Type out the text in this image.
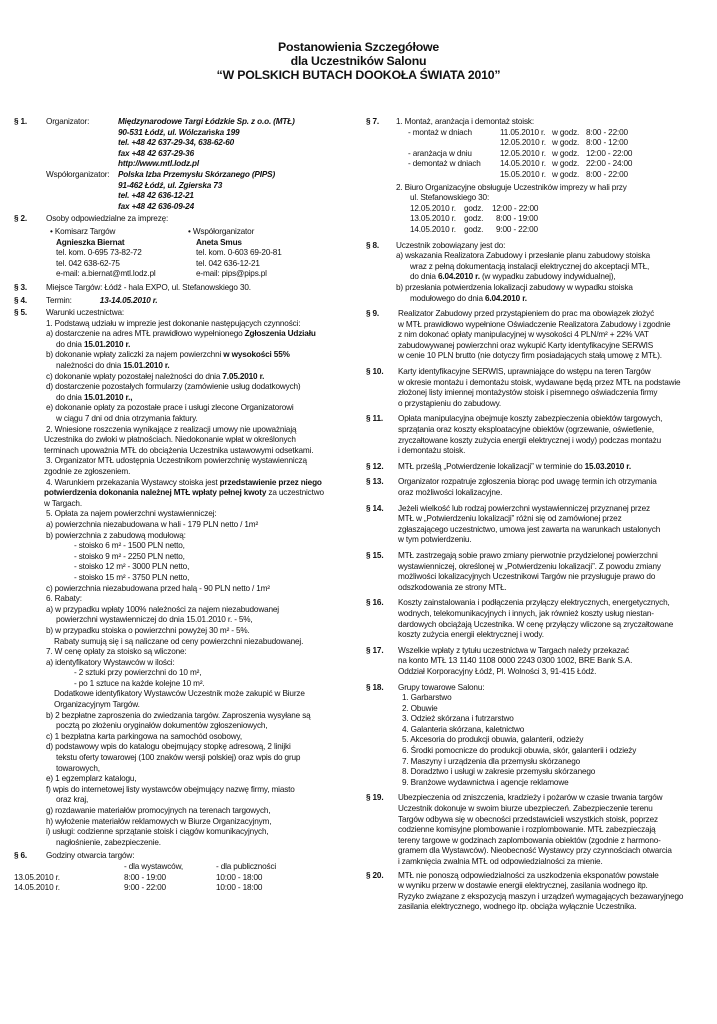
Postanowienia Szczegółowe
dla Uczestników Salonu
“W POLSKICH BUTACH DOOKOŁA ŚWIATA 2010”
§ 1. Organizator:	Międzynarodowe Targi Łódzkie Sp. z o.o. (MTŁ)
90-531 Łódź, ul. Wólczańska 199
tel. +48 42 637-29-34, 638-62-60
fax +48 42 637-29-36
http://www.mtl.lodz.pl
Współorganizator:	Polska Izba Przemysłu Skórzanego (PIPS)
91-462 Łódź, ul. Zgierska 73
tel. +48 42 636-12-21
fax +48 42 636-09-24
§ 2. Osoby odpowiedzialne za imprezę:
• Komisarz Targów
Agnieszka Biernat
tel. kom. 0-695 73-82-72
tel. 042 638-62-75
e-mail: a.biernat@mtl.lodz.pl
• Współorganizator
Aneta Smus
tel. kom. 0-603 69-20-81
tel. 042 636-12-21
e-mail: pips@pips.pl
§ 3. Miejsce Targów: Łódź - hala EXPO, ul. Stefanowskiego 30.
§ 4. Termin:	13-14.05.2010 r.
§ 5. Warunki uczestnictwa:
1. Podstawą udziału w imprezie jest dokonanie następujących czynności:
a) dostarczenie na adres MTŁ prawidłowo wypełnionego Zgłoszenia Udziału
do dnia 15.01.2010 r.
b) dokonanie wpłaty zaliczki za najem powierzchni w wysokości 55%
należności do dnia 15.01.2010 r.
c) dokonanie wpłaty pozostałej należności do dnia 7.05.2010 r.
d) dostarczenie pozostałych formularzy (zamówienie usług dodatkowych)
do dnia 15.01.2010 r.,
e) dokonanie opłaty za pozostałe prace i usługi zlecone Organizatorowi
w ciągu 7 dni od dnia otrzymania faktury.
2. Wniesione roszczenia wynikające z realizacji umowy nie upoważniają
Uczestnika do zwłoki w płatnościach. Niedokonanie wpłat w określonych
terminach upoważnia MTŁ do obciążenia Uczestnika ustawowymi odsetkami.
3. Organizator MTŁ udostępnia Uczestnikom powierzchnię wystawienniczą
zgodnie ze zgłoszeniem.
4. Warunkiem przekazania Wystawcy stoiska jest przedstawienie przez niego
potwierdzenia dokonania należnej MTŁ wpłaty pełnej kwoty za uczestnictwo
w Targach.
5. Opłata za najem powierzchni wystawienniczej:
a) powierzchnia niezabudowana w hali - 179 PLN netto / 1m²
b) powierzchnia z zabudową modułową:
- stoisko 6 m² - 1500 PLN netto,
- stoisko 9 m² - 2250 PLN netto,
- stoisko 12 m² - 3000 PLN netto,
- stoisko 15 m² - 3750 PLN netto,
c) powierzchnia niezabudowana przed halą - 90 PLN netto / 1m²
6. Rabaty:
a) w przypadku wpłaty 100% należności za najem niezabudowanej
powierzchni wystawienniczej do dnia 15.01.2010 r. - 5%,
b) w przypadku stoiska o powierzchni powyżej 30 m² - 5%.
Rabaty sumują się i są naliczane od ceny powierzchni niezabudowanej.
7. W cenę opłaty za stoisko są wliczone:
a) identyfikatory Wystawców w ilości:
- 2 sztuki przy powierzchni do 10 m²,
- po 1 sztuce na każde kolejne 10 m².
Dodatkowe identyfikatory Wystawców Uczestnik może zakupić w Biurze
Organizacyjnym Targów.
b) 2 bezpłatne zaproszenia do zwiedzania targów. Zaproszenia wysyłane są
pocztą po złożeniu oryginałów dokumentów zgłoszeniowych,
c) 1 bezpłatna karta parkingowa na samochód osobowy,
d) podstawowy wpis do katalogu obejmujący stopkę adresową, 2 linijki
tekstu oferty towarowej (100 znaków wersji polskiej) oraz wpis do grup
towarowych,
e) 1 egzemplarz katalogu,
f) wpis do internetowej listy wystawców obejmujący nazwę firmy, miasto
oraz kraj,
g) rozdawanie materiałów promocyjnych na terenach targowych,
h) wyłożenie materiałów reklamowych w Biurze Organizacyjnym,
i) usługi: codzienne sprzątanie stoisk i ciągów komunikacyjnych,
nagłośnienie, zabezpieczenie.
§ 6. Godziny otwarcia targów:
	- dla wystawców,	- dla publiczności
13.05.2010 r.	8:00 - 19:00	10:00 - 18:00
14.05.2010 r.	9:00 - 22:00	10:00 - 18:00
§ 7. 1. Montaż, aranżacja i demontaż stoisk:
- montaż w dniach	11.05.2010 r.	w godz.	8:00 - 22:00
	12.05.2010 r.	w godz.	8:00 - 12:00
- aranżacja w dniu	12.05.2010 r.	w godz.	12:00 - 22:00
- demontaż w dniach	14.05.2010 r.	w godz.	22:00 - 24:00
	15.05.2010 r.	w godz.	8:00 - 22:00
2. Biuro Organizacyjne obsługuje Uczestników imprezy w hali przy
ul. Stefanowskiego 30:
12.05.2010 r.	godz.	12:00 - 22:00
13.05.2010 r.	godz.	8:00 - 19:00
14.05.2010 r.	godz.	9:00 - 22:00
§ 8. Uczestnik zobowiązany jest do:
a) wskazania Realizatora Zabudowy i przesłanie planu zabudowy stoiska
wraz z pełną dokumentacją instalacji elektrycznej do akceptacji MTŁ,
do dnia 6.04.2010 r. (w wypadku zabudowy indywidualnej),
b) przesłania potwierdzenia lokalizacji zabudowy w wypadku stoiska
modułowego do dnia 6.04.2010 r.
§ 9. Realizator Zabudowy przed przystąpieniem do prac ma obowiązek złożyć
w MTŁ prawidłowo wypełnione Oświadczenie Realizatora Zabudowy i zgodnie
z nim dokonać opłaty manipulacyjnej w wysokości 4 PLN/m² + 22% VAT
zabudowywanej powierzchni oraz wykupić Karty identyfikacyjne SERWIS
w cenie 10 PLN brutto (nie dotyczy firm posiadających stałą umowę z MTŁ).
§ 10. Karty identyfikacyjne SERWIS, uprawniające do wstępu na teren Targów
w okresie montażu i demontażu stoisk, wydawane będą przez MTŁ na podstawie
złożonej listy imiennej montażystów stoisk i pisemnego oświadczenia firmy
o przystąpieniu do zabudowy.
§ 11. Opłata manipulacyjna obejmuje koszty zabezpieczenia obiektów targowych,
sprzątania oraz koszty eksploatacyjne obiektów (ogrzewanie, oświetlenie,
zryczałtowane koszty zużycia energii elektrycznej i wody) podczas montażu
i demontażu stoisk.
§ 12. MTŁ prześlą „Potwierdzenie lokalizacji” w terminie do 15.03.2010 r.
§ 13. Organizator rozpatruje zgłoszenia biorąc pod uwagę termin ich otrzymania
oraz możliwości lokalizacyjne.
§ 14. Jeżeli wielkość lub rodzaj powierzchni wystawienniczej przyznanej przez
MTŁ w „Potwierdzeniu lokalizacji” różni się od zamówionej przez
zgłaszającego uczestnictwo, umowa jest zawarta na warunkach ustalonych
w tym potwierdzeniu.
§ 15. MTŁ zastrzegają sobie prawo zmiany pierwotnie przydzielonej powierzchni
wystawienniczej, określonej w „Potwierdzeniu lokalizacji”. Z powodu zmiany
możliwości lokalizacyjnych Uczestnikowi Targów nie przysługuje prawo do
odszkodowania ze strony MTŁ.
§ 16. Koszty zainstalowania i podłączenia przyłączy elektrycznych, energetycznych,
wodnych, telekomunikacyjnych i innych, jak również koszty usług niestan-
dardowych obciążają Uczestnika. W cenę przyłączy wliczone są zryczałtowane
koszty zużycia energii elektrycznej i wody.
§ 17. Wszelkie wpłaty z tytułu uczestnictwa w Targach należy przekazać
na konto MTŁ 13 1140 1108 0000 2243 0300 1002, BRE Bank S.A.
Oddział Korporacyjny Łódź, Pl. Wolności 3, 91-415 Łódź.
§ 18. Grupy towarowe Salonu:
1. Garbarstwo
2. Obuwie
3. Odzież skórzana i futrzarstwo
4. Galanteria skórzana, kaletnictwo
5. Akcesoria do produkcji obuwia, galanterii, odzieży
6. Środki pomocnicze do produkcji obuwia, skór, galanterii i odzieży
7. Maszyny i urządzenia dla przemysłu skórzanego
8. Doradztwo i usługi w zakresie przemysłu skórzanego
9. Branżowe wydawnictwa i agencje reklamowe
§ 19. Ubezpieczenia od zniszczenia, kradzieży i pożarów w czasie trwania targów
Uczestnik dokonuje w swoim biurze ubezpieczeń. Zabezpieczenie terenu
Targów odbywa się w obecności przedstawicieli wszystkich stoisk, poprzez
codzienne komisyjne plombowanie i rozplombowanie. MTŁ zabezpieczają
tereny targowe w godzinach zaplombowania obiektów (zgodnie z harmono-
gramem dla Wystawców). Nieobecność Wystawcy przy czynnościach otwarcia
i zamknięcia zwalnia MTŁ od odpowiedzialności za mienie.
§ 20. MTŁ nie ponoszą odpowiedzialności za uszkodzenia eksponatów powstałe
w wyniku przerw w dostawie energii elektrycznej, zasilania wodnego itp.
Ryzyko związane z ekspozycją maszyn i urządzeń wymagających bezawaryjnego
zasilania elektrycznego, wodnego itp. obciąża wyłącznie Uczestnika.
